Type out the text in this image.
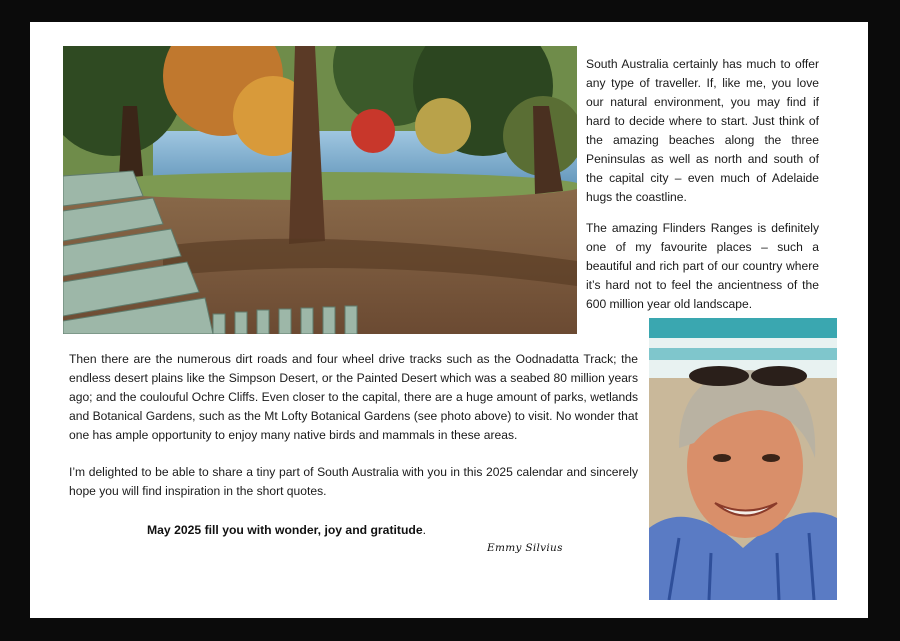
South Australia certainly has much to offer any type of traveller. If, like me, you love our natural environment, you may find if hard to decide where to start. Just think of the amazing beaches along the three Peninsulas as well as north and south of the capital city – even much of Adelaide hugs the coastline.

The amazing Flinders Ranges is definitely one of my favourite places – such a beautiful and rich part of our country where it’s hard not to feel the ancientness of the 600 million year old landscape.

Then there are the numerous dirt roads and four wheel drive tracks such as the Oodnadatta Track; the endless desert plains like the Simpson Desert, or the Painted Desert which was a seabed 80 million years ago; and the coulouful Ochre Cliffs. Even closer to the capital, there are a huge amount of parks, wetlands and Botanical Gardens, such as the Mt Lofty Botanical Gardens (see photo above) to visit. No wonder that one has ample opportunity to enjoy many native birds and mammals in these areas.

I’m delighted to be able to share a tiny part of South Australia with you in this 2025 calendar and sincerely hope you will find inspiration in the short quotes.

May 2025 fill you with wonder, joy and gratitude.
Emmy Silvius
